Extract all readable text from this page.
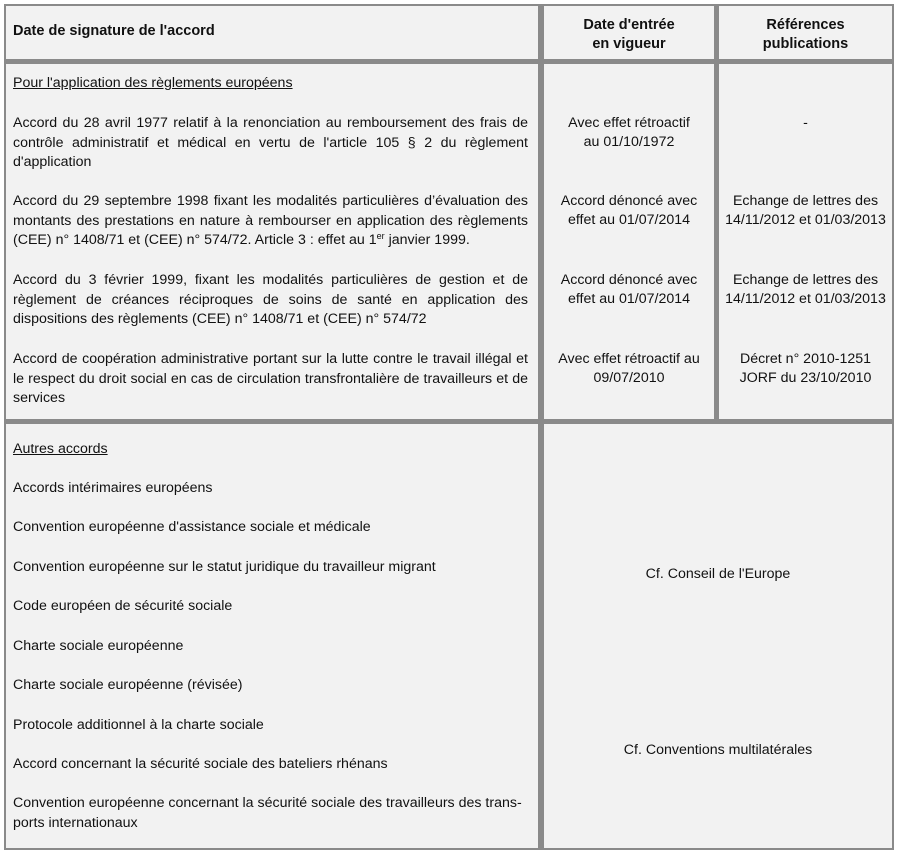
Date de signature de l'accord	Date d'entrée
en vigueur
Références
publications
Pour l'application des règlements européens
Accord du 28 avril 1977 relatif à la renonciation au remboursement des frais de contrôle administratif et médical en vertu de l'article 105 § 2 du règlement d'application
Accord du 29 septembre 1998 fixant les modalités particulières d’évaluation des montants des prestations en nature à rembourser en application des règlements (CEE) n° 1408/71 et (CEE) n° 574/72. Article 3 : effet au 1er janvier 1999.
Accord du 3 février 1999, fixant les modalités particulières de gestion et de règlement de créances réciproques de soins de santé en application des dispositions des règlements (CEE) n° 1408/71 et (CEE) n° 574/72
Accord de coopération administrative portant sur la lutte contre le travail illégal et le respect du droit social en cas de circulation transfrontalière de travailleurs et de services
Avec effet rétroactif
au 01/10/1972
Accord dénoncé avec
effet au 01/07/2014
Accord dénoncé avec
effet au 01/07/2014
Avec effet rétroactif au
09/07/2010
-
Echange de lettres des
14/11/2012 et 01/03/2013
Echange de lettres des
14/11/2012 et 01/03/2013
Décret n° 2010-1251
JORF du 23/10/2010
Autres accords
Accords intérimaires européens
Convention européenne d'assistance sociale et médicale
Convention européenne sur le statut juridique du travailleur migrant
Code européen de sécurité sociale
Charte sociale européenne
Charte sociale européenne (révisée)
Protocole additionnel à la charte sociale
Accord concernant la sécurité sociale des bateliers rhénans
Convention européenne concernant la sécurité sociale des travailleurs des trans-
ports internationaux
Cf. Conseil de l'Europe
Cf. Conventions multilatérales
